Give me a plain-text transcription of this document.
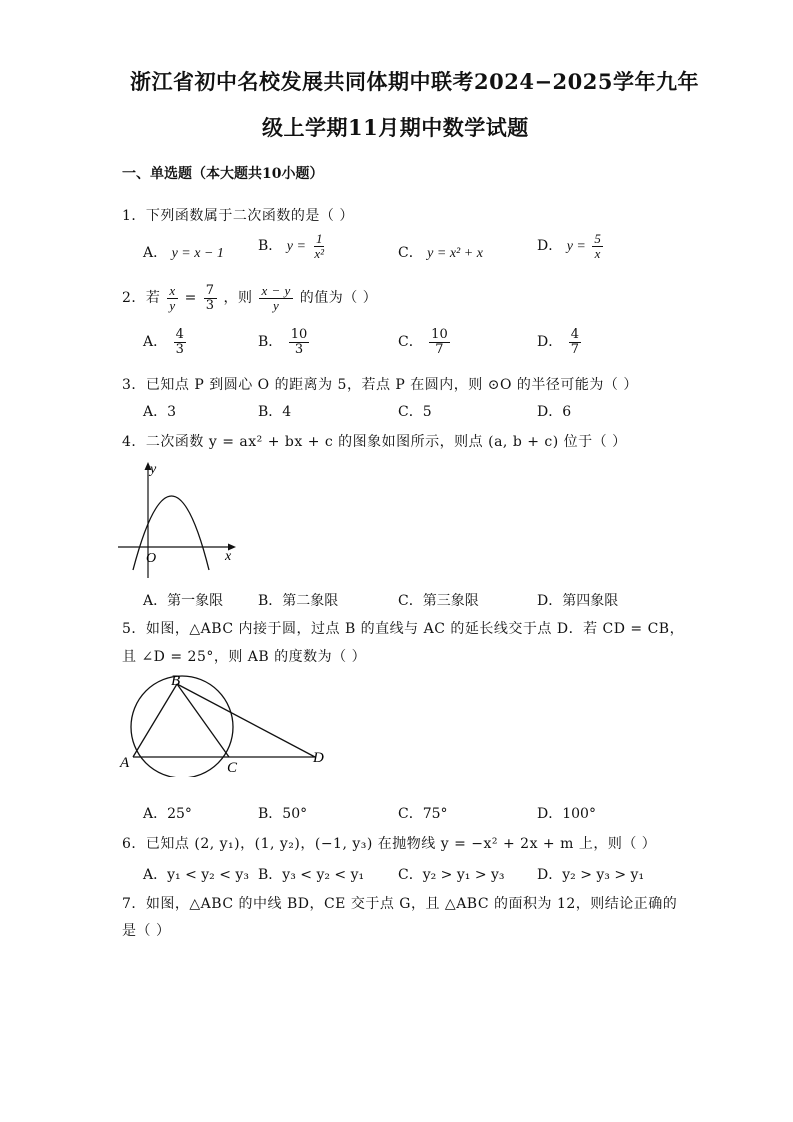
浙江省初中名校发展共同体期中联考2024−2025学年九年
级上学期11月期中数学试题
一、单选题（本大题共10小题）
1．下列函数属于二次函数的是（ ）
A． y = x − 1 B． $y = \frac{1}{\text{x²}}$	C． y = x² + x	D． $y = \frac{5}{x}$
2．若 $\frac{x}{y} = \frac{7}{3}$ ，则 $\frac{x - y}{y}$ 的值为（ ）
A． $\frac{4}{3}$	B． $\frac{10}{3}$	C． $\frac{10}{7}$	D． $\frac{4}{7}$
3．已知点 P 到圆心 O 的距离为 5，若点 P 在圆内，则 ⊙O 的半径可能为（ ）
A．3	B．4	C．5	D．6
4．二次函数 y = ax² + bx + c 的图象如图所示，则点 (a, b + c) 位于（ ）
y
x
O
A．第一象限 B．第二象限	C．第三象限	D．第四象限
5．如图，△ABC 内接于圆，过点 B 的直线与 AC 的延长线交于点 D．若 CD = CB，
且 ∠D = 25°，则 AB 的度数为（ ）
B
A	C
D
A．25°	B．50°	C．75°	D．100°
6．已知点 (2, y₁)，(1, y₂)，(−1, y₃) 在抛物线 y = −x² + 2x + m 上，则（ ）
A．y₁ < y₂ < y₃ B．y₃ < y₂ < y₁ C．y₂ > y₁ > y₃ D．y₂ > y₃ > y₁
7．如图，△ABC 的中线 BD，CE 交于点 G，且 △ABC 的面积为 12，则结论正确的
是（ ）
